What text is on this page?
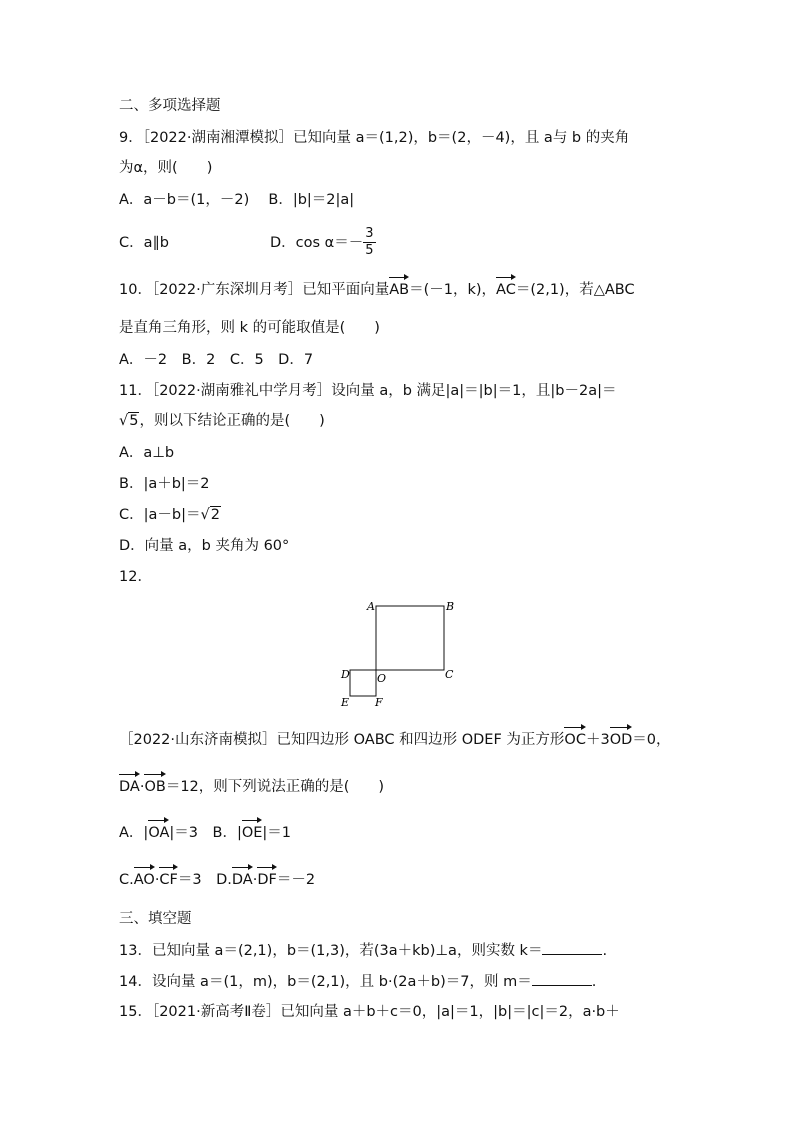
二、多项选择题
9．［2022·湖南湘潭模拟］已知向量 a＝(1,2)，b＝(2，－4)，且 a与 b 的夹角
为α，则(　　)
A．a－b＝(1，－2)　 B．|b|＝2|a|
C．a∥b	D．$\cos \alpha=- \frac{3}{5}$
10．［2022·广东深圳月考］已知平面向量AB＝(－1，k)，AC＝(2,1)，若△ABC
是直角三角形，则 k 的可能取值是(　　)
A．－2　B．2　C．5　D．7
11．［2022·湖南雅礼中学月考］设向量 a，b 满足|a|＝|b|＝1，且|b－2a|＝
√5，则以下结论正确的是(　　)
A．a⊥b
B．|a＋b|＝2
C．|a－b|＝√2
D．向量 a，b 夹角为 60°
12．
A	B
C
D O
E F
［2022·山东济南模拟］已知四边形 OABC 和四边形 ODEF 为正方形OC＋3OD＝0，
DA·OB＝12，则下列说法正确的是(　　)
A．|OA|＝3　B．|OE|＝1
C.AO·CF＝3　D.DA·DF＝－2
三、填空题
13．已知向量 a＝(2,1)，b＝(1,3)，若(3a＋kb)⊥a，则实数 k＝	.
14．设向量 a＝(1，m)，b＝(2,1)，且 b·(2a＋b)＝7，则 m＝	.
15．［2021·新高考Ⅱ卷］已知向量 a＋b＋c＝0，|a|＝1，|b|＝|c|＝2，a·b＋
